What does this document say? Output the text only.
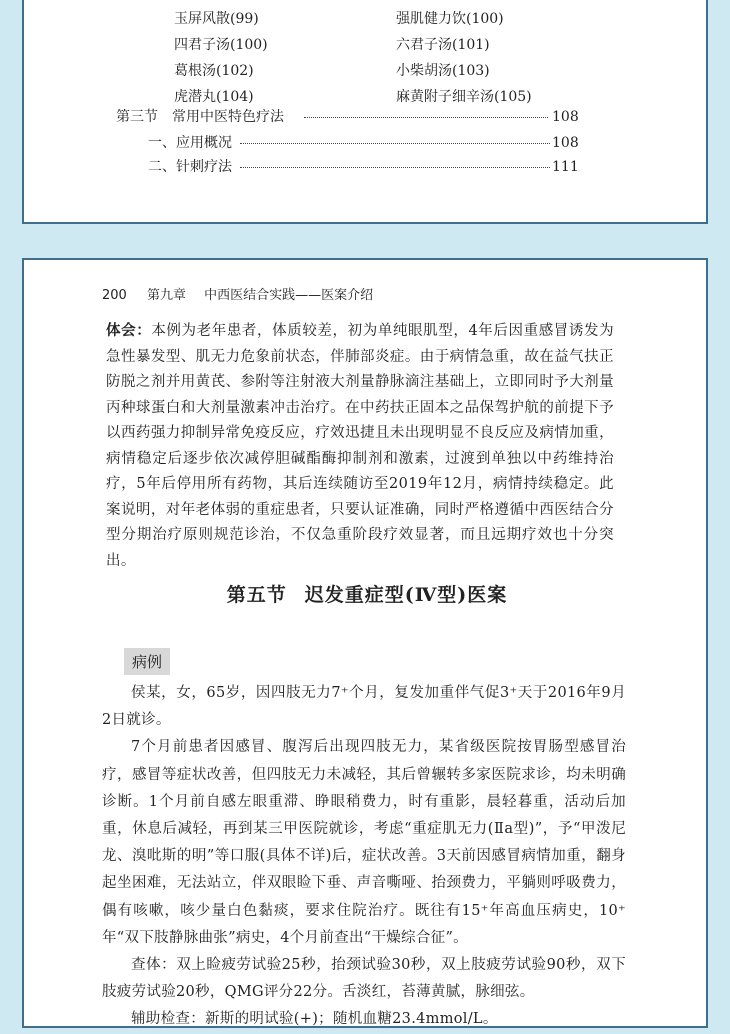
玉屏风散(99)	强肌健力饮(100)
四君子汤(100)	六君子汤(101)
葛根汤(102)	小柴胡汤(103)
虎潜丸(104)	麻黄附子细辛汤(105)
第三节　常用中医特色疗法	108
一、应用概况	108
二、针刺疗法	111
200 第九章 中西医结合实践——医案介绍
体会：本例为老年患者，体质较差，初为单纯眼肌型，4年后因重感冒诱发为急性暴发型、肌无力危象前状态，伴肺部炎症。由于病情急重，故在益气扶正防脱之剂并用黄芪、参附等注射液大剂量静脉滴注基础上，立即同时予大剂量丙种球蛋白和大剂量激素冲击治疗。在中药扶正固本之品保驾护航的前提下予以西药强力抑制异常免疫反应，疗效迅捷且未出现明显不良反应及病情加重，病情稳定后逐步依次减停胆碱酯酶抑制剂和激素，过渡到单独以中药维持治疗，5年后停用所有药物，其后连续随访至2019年12月，病情持续稳定。此案说明，对年老体弱的重症患者，只要认证准确，同时严格遵循中西医结合分型分期治疗原则规范诊治，不仅急重阶段疗效显著，而且远期疗效也十分突出。
第五节 迟发重症型(Ⅳ型)医案
病例

侯某，女，65岁，因四肢无力7⁺个月，复发加重伴气促3⁺天于2016年9月2日就诊。

7个月前患者因感冒、腹泻后出现四肢无力，某省级医院按胃肠型感冒治疗，感冒等症状改善，但四肢无力未减轻，其后曾辗转多家医院求诊，均未明确诊断。1个月前自感左眼重滞、睁眼稍费力，时有重影，晨轻暮重，活动后加重，休息后减轻，再到某三甲医院就诊，考虑“重症肌无力(Ⅱa型)”，予“甲泼尼龙、溴吡斯的明”等口服(具体不详)后，症状改善。3天前因感冒病情加重，翻身起坐困难，无法站立，伴双眼睑下垂、声音嘶哑、抬颈费力，平躺则呼吸费力，偶有咳嗽，咳少量白色黏痰，要求住院治疗。既往有15⁺年高血压病史，10⁺年“双下肢静脉曲张”病史，4个月前查出“干燥综合征”。

查体：双上睑疲劳试验25秒，抬颈试验30秒，双上肢疲劳试验90秒，双下肢疲劳试验20秒，QMG评分22分。舌淡红，苔薄黄腻，脉细弦。

辅助检查：新斯的明试验(+)；随机血糖23.4mmol/L。
